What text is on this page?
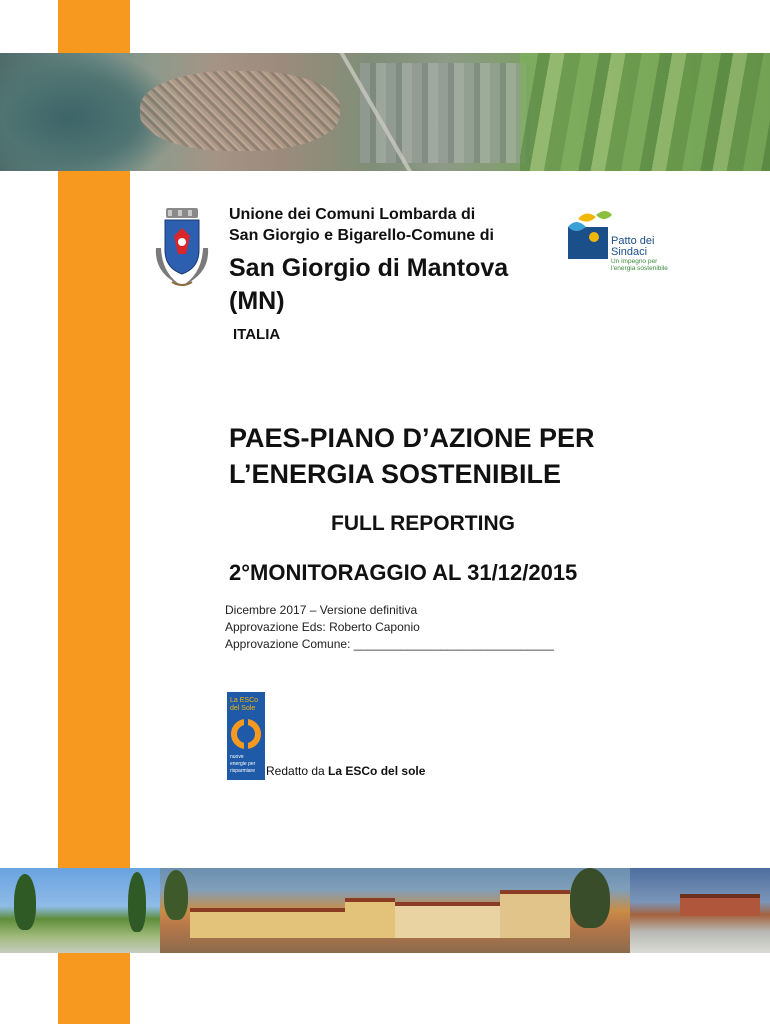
Unione dei Comuni Lombarda di
San Giorgio e Bigarello-Comune di
San Giorgio di Mantova
(MN)
ITALIA
Patto dei
Sindaci
Un impegno per
l'energia sostenibile
PAES-PIANO D’AZIONE PER
L’ENERGIA SOSTENIBILE
FULL REPORTING
2°MONITORAGGIO AL 31/12/2015
Dicembre 2017 – Versione definitiva
Approvazione Eds: Roberto Caponio
Approvazione Comune: ______________________________
La ESCo
del Sole
nuove
energie per
risparmiare Redatto da La ESCo del sole
